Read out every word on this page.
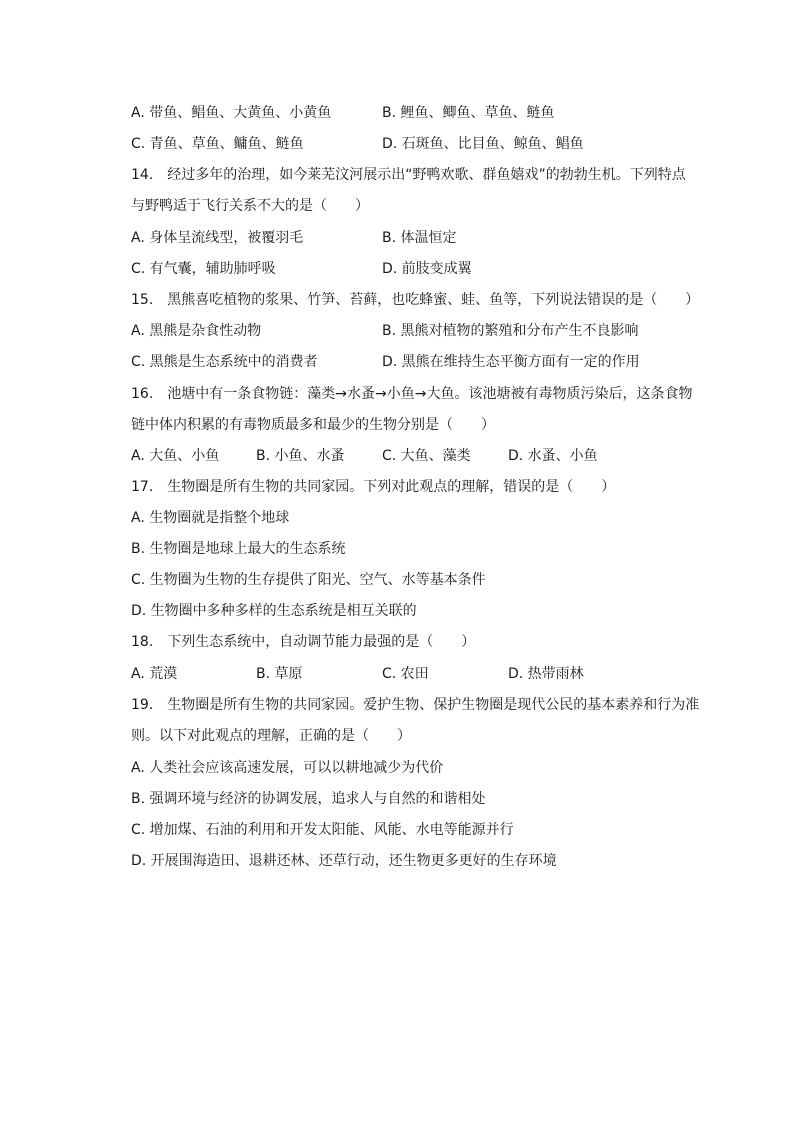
A. 带鱼、鲳鱼、大黄鱼、小黄鱼	B. 鲤鱼、鲫鱼、草鱼、鲢鱼
C. 青鱼、草鱼、鳙鱼、鲢鱼	D. 石斑鱼、比目鱼、鲸鱼、鲳鱼
14. 经过多年的治理，如今莱芜汶河展示出“野鸭欢歌、群鱼嬉戏”的勃勃生机。下列特点
与野鸭适于飞行关系不大的是（　　）
A. 身体呈流线型，被覆羽毛	B. 体温恒定
C. 有气囊，辅助肺呼吸	D. 前肢变成翼
15. 黑熊喜吃植物的浆果、竹笋、苔藓，也吃蜂蜜、蛙、鱼等，下列说法错误的是（　　）
A. 黑熊是杂食性动物	B. 黑熊对植物的繁殖和分布产生不良影响
C. 黑熊是生态系统中的消费者	D. 黑熊在维持生态平衡方面有一定的作用
16. 池塘中有一条食物链：藻类→水蚤→小鱼→大鱼。该池塘被有毒物质污染后，这条食物
链中体内积累的有毒物质最多和最少的生物分别是（　　）
A. 大鱼、小鱼	B. 小鱼、水蚤	C. 大鱼、藻类	D. 水蚤、小鱼
17. 生物圈是所有生物的共同家园。下列对此观点的理解，错误的是（　　）
A. 生物圈就是指整个地球
B. 生物圈是地球上最大的生态系统
C. 生物圈为生物的生存提供了阳光、空气、水等基本条件
D. 生物圈中多种多样的生态系统是相互关联的
18. 下列生态系统中，自动调节能力最强的是（　　）
A. 荒漠	B. 草原	C. 农田	D. 热带雨林
19. 生物圈是所有生物的共同家园。爱护生物、保护生物圈是现代公民的基本素养和行为准
则。以下对此观点的理解，正确的是（　　）
A. 人类社会应该高速发展，可以以耕地减少为代价
B. 强调环境与经济的协调发展，追求人与自然的和谐相处
C. 增加煤、石油的利用和开发太阳能、风能、水电等能源并行
D. 开展围海造田、退耕还林、还草行动，还生物更多更好的生存环境
